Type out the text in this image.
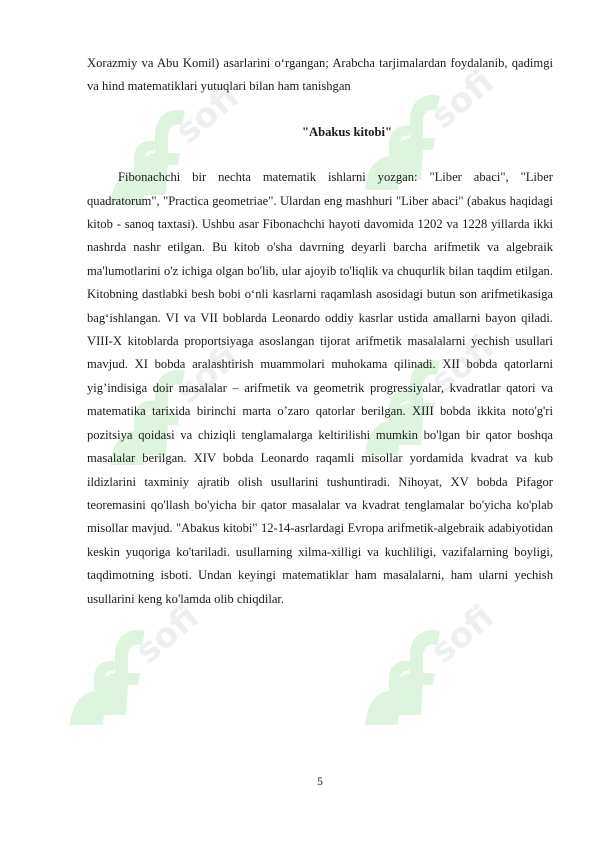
sofi	sofi
sofi	sofi
sofi	sofi

Xorazmiy va Abu Komil) asarlarini o‘rgangan; Arabcha tarjimalardan foydalanib, qadimgi va hind matematiklari yutuqlari bilan ham tanishgan

"Abakus kitobi"

Fibonachchi bir nechta matematik ishlarni yozgan: "Liber abaci", "Liber quadratorum", "Practica geometriae". Ulardan eng mashhuri "Liber abaci" (abakus haqidagi kitob - sanoq taxtasi). Ushbu asar Fibonachchi hayoti davomida 1202 va 1228 yillarda ikki nashrda nashr etilgan. Bu kitob o'sha davrning deyarli barcha arifmetik va algebraik ma'lumotlarini o'z ichiga olgan bo'lib, ular ajoyib to'liqlik va chuqurlik bilan taqdim etilgan. Kitobning dastlabki besh bobi o‘nli kasrlarni raqamlash asosidagi butun son arifmetikasiga bag‘ishlangan. VI va VII boblarda Leonardo oddiy kasrlar ustida amallarni bayon qiladi. VIII-X kitoblarda proportsiyaga asoslangan tijorat arifmetik masalalarni yechish usullari mavjud. XI bobda aralashtirish muammolari muhokama qilinadi. XII bobda qatorlarni yig’indisiga doir masalalar – arifmetik va geometrik progressiyalar, kvadratlar qatori va matematika tarixida birinchi marta o’zaro qatorlar berilgan. XIII bobda ikkita noto'g'ri pozitsiya qoidasi va chiziqli tenglamalarga keltirilishi mumkin bo'lgan bir qator boshqa masalalar berilgan. XIV bobda Leonardo raqamli misollar yordamida kvadrat va kub ildizlarini taxminiy ajratib olish usullarini tushuntiradi. Nihoyat, XV bobda Pifagor teoremasini qo'llash bo'yicha bir qator masalalar va kvadrat tenglamalar bo'yicha ko'plab misollar mavjud. "Abakus kitobi" 12-14-asrlardagi Evropa arifmetik-algebraik adabiyotidan keskin yuqoriga ko'tariladi. usullarning xilma-xilligi va kuchliligi, vazifalarning boyligi, taqdimotning isboti. Undan keyingi matematiklar ham masalalarni, ham ularni yechish usullarini keng ko'lamda olib chiqdilar.

5
